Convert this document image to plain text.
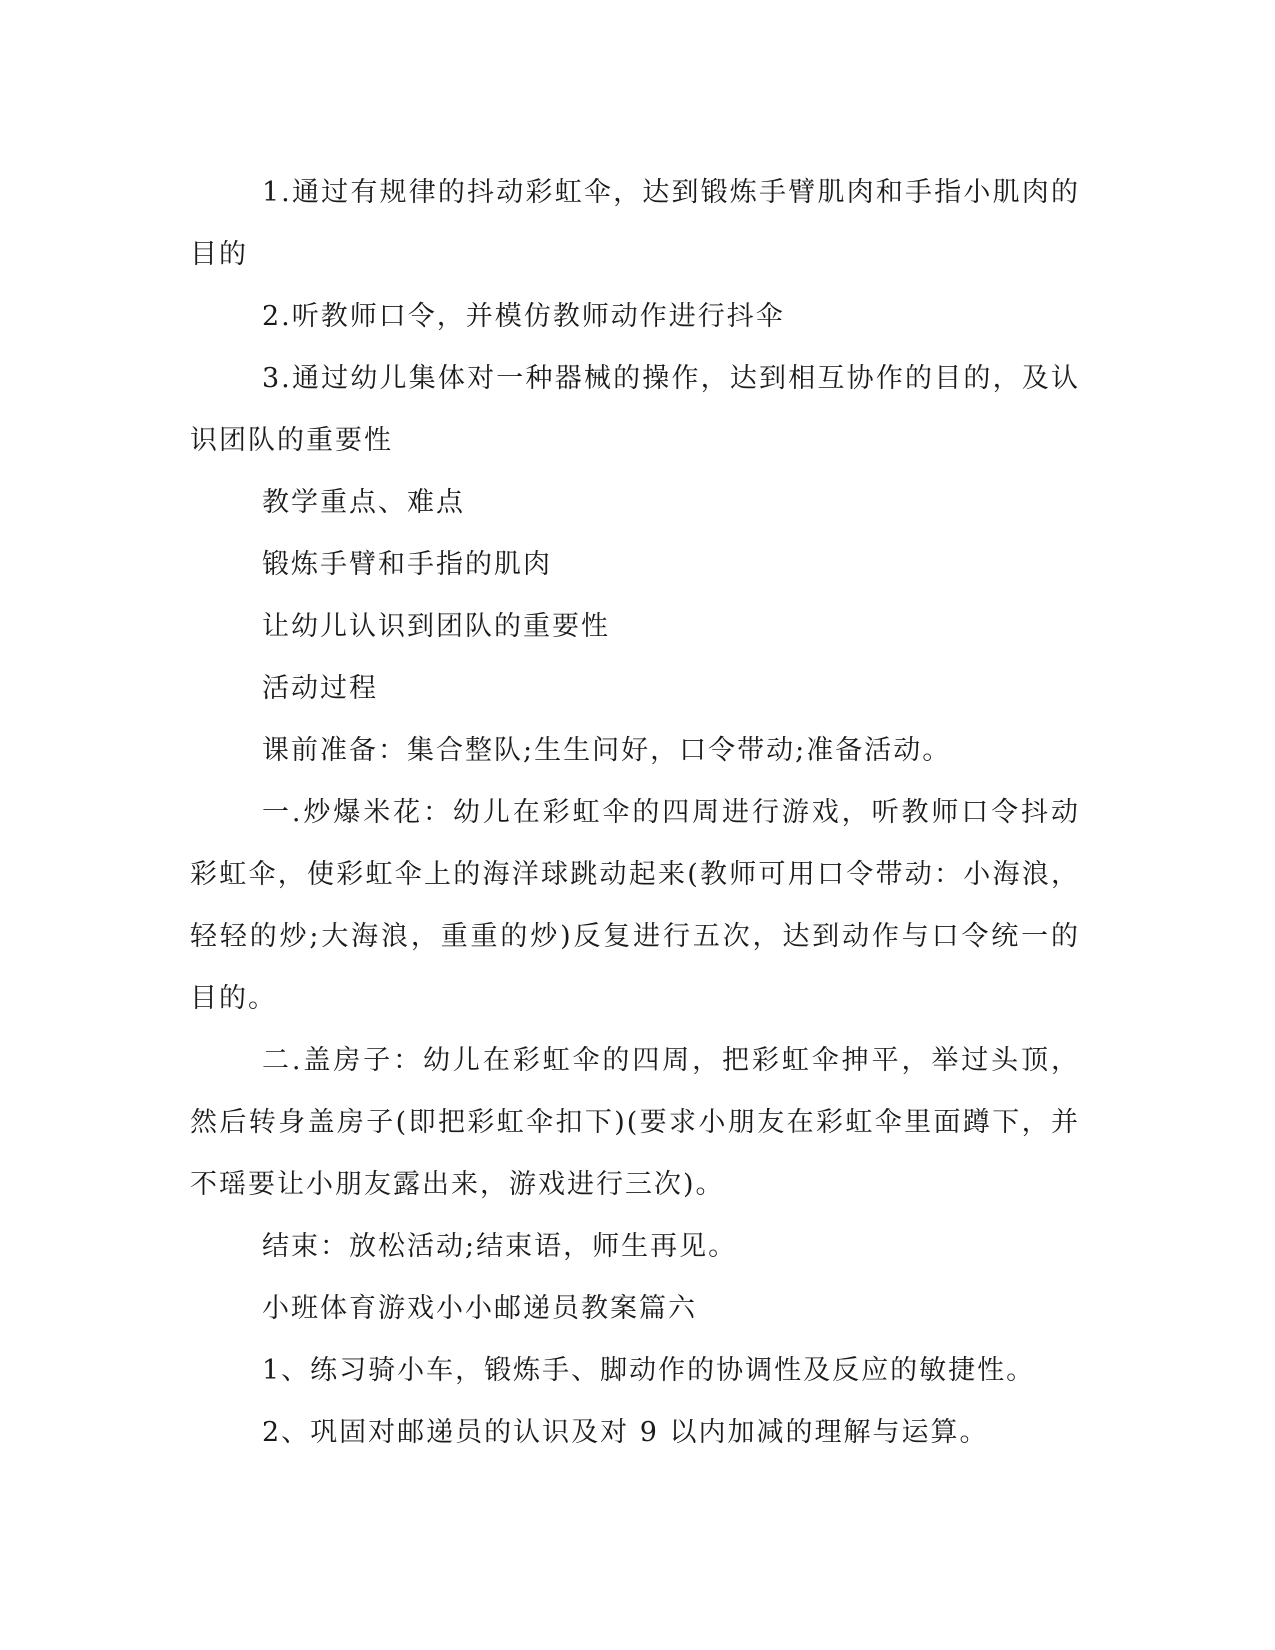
1.通过有规律的抖动彩虹伞，达到锻炼手臂肌肉和手指小肌肉的目的

2.听教师口令，并模仿教师动作进行抖伞

3.通过幼儿集体对一种器械的操作，达到相互协作的目的，及认识团队的重要性

教学重点、难点

锻炼手臂和手指的肌肉

让幼儿认识到团队的重要性

活动过程

课前准备：集合整队;生生问好，口令带动;准备活动。

一.炒爆米花：幼儿在彩虹伞的四周进行游戏，听教师口令抖动彩虹伞，使彩虹伞上的海洋球跳动起来(教师可用口令带动：小海浪，轻轻的炒;大海浪，重重的炒)反复进行五次，达到动作与口令统一的目的。

二.盖房子：幼儿在彩虹伞的四周，把彩虹伞抻平，举过头顶，然后转身盖房子(即把彩虹伞扣下)(要求小朋友在彩虹伞里面蹲下，并不瑶要让小朋友露出来，游戏进行三次)。

结束：放松活动;结束语，师生再见。

小班体育游戏小小邮递员教案篇六

1、练习骑小车，锻炼手、脚动作的协调性及反应的敏捷性。

2、巩固对邮递员的认识及对 9 以内加减的理解与运算。
